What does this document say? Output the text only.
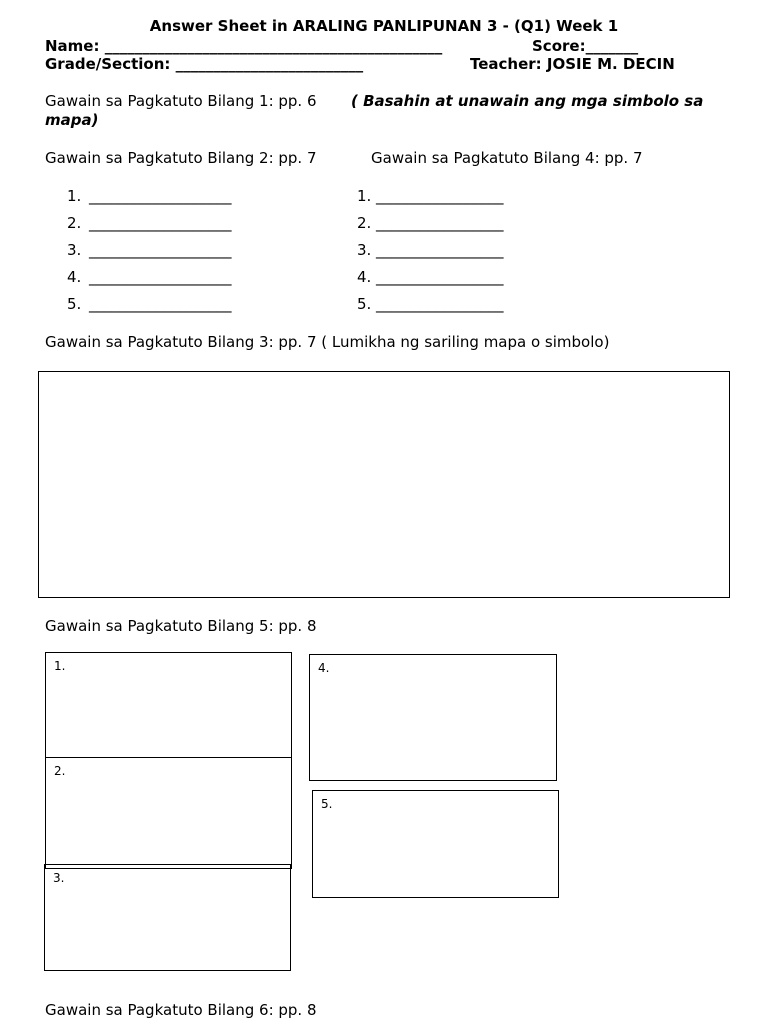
Answer Sheet in ARALING PANLIPUNAN 3 - (Q1) Week 1
Name: _____________________________________________	Score:_______
Grade/Section: _________________________	Teacher: JOSIE M. DECIN
Gawain sa Pagkatuto Bilang 1: pp. 6 ( Basahin at unawain ang mga simbolo sa
mapa)
Gawain sa Pagkatuto Bilang 2: pp. 7	Gawain sa Pagkatuto Bilang 4: pp. 7
1. ___________________
2. ___________________
3. ___________________
4. ___________________
5. ___________________
1. _________________
2. _________________
3. _________________
4. _________________
5. _________________
Gawain sa Pagkatuto Bilang 3: pp. 7 ( Lumikha ng sariling mapa o simbolo)
Gawain sa Pagkatuto Bilang 5: pp. 8
1.
2.
3.
4.
5.
Gawain sa Pagkatuto Bilang 6: pp. 8
